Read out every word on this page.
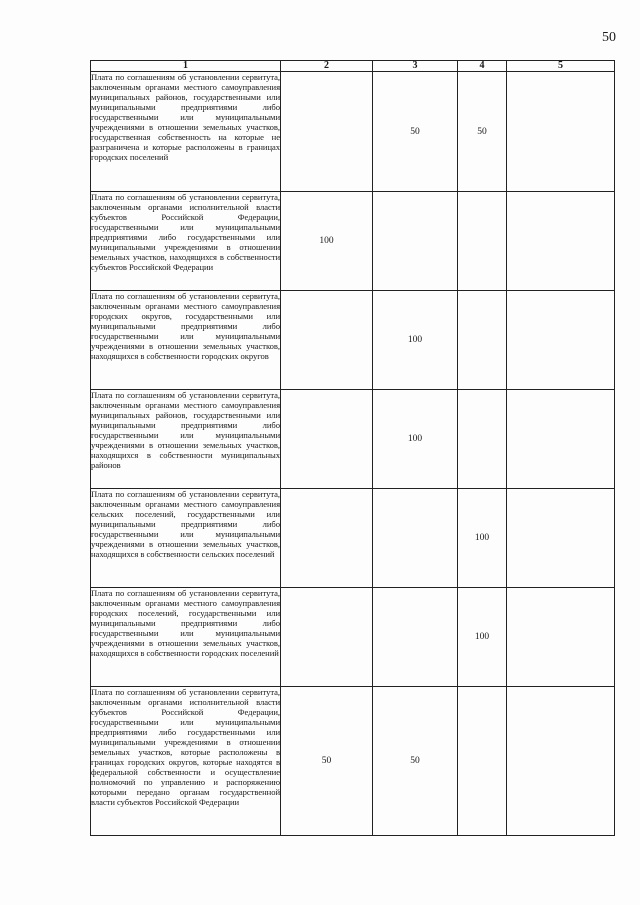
50
1	2	3	4	5
Плата по соглашениям об установлении сервитута, заключенным органами местного самоуправления муниципальных районов, государственными или муниципальными предприятиями либо государственными или муниципальными учреждениями в отношении земельных участков, государственная собственность на которые не разграничена и которые расположены в границах городских поселений		50	50	
Плата по соглашениям об установлении сервитута, заключенным органами исполнительной власти субъектов Российской Федерации, государственными или муниципальными предприятиями либо государственными или муниципальными учреждениями в отношении земельных участков, находящихся в собственности субъектов Российской Федерации	100			
Плата по соглашениям об установлении сервитута, заключенным органами местного самоуправления городских округов, государственными или муниципальными предприятиями либо государственными или муниципальными учреждениями в отношении земельных участков, находящихся в собственности городских округов		100		
Плата по соглашениям об установлении сервитута, заключенным органами местного самоуправления муниципальных районов, государственными или муниципальными предприятиями либо государственными или муниципальными учреждениями в отношении земельных участков, находящихся в собственности муниципальных районов		100		
Плата по соглашениям об установлении сервитута, заключенным органами местного самоуправления сельских поселений, государственными или муниципальными предприятиями либо государственными или муниципальными учреждениями в отношении земельных участков, находящихся в собственности сельских поселений			100	
Плата по соглашениям об установлении сервитута, заключенным органами местного самоуправления городских поселений, государственными или муниципальными предприятиями либо государственными или муниципальными учреждениями в отношении земельных участков, находящихся в собственности городских поселений			100	
Плата по соглашениям об установлении сервитута, заключенным органами исполнительной власти субъектов Российской Федерации, государственными или муниципальными предприятиями либо государственными или муниципальными учреждениями в отношении земельных участков, которые расположены в границах городских округов, которые находятся в федеральной собственности и осуществление полномочий по управлению и распоряжению которыми передано органам государственной власти субъектов Российской Федерации	50	50		
